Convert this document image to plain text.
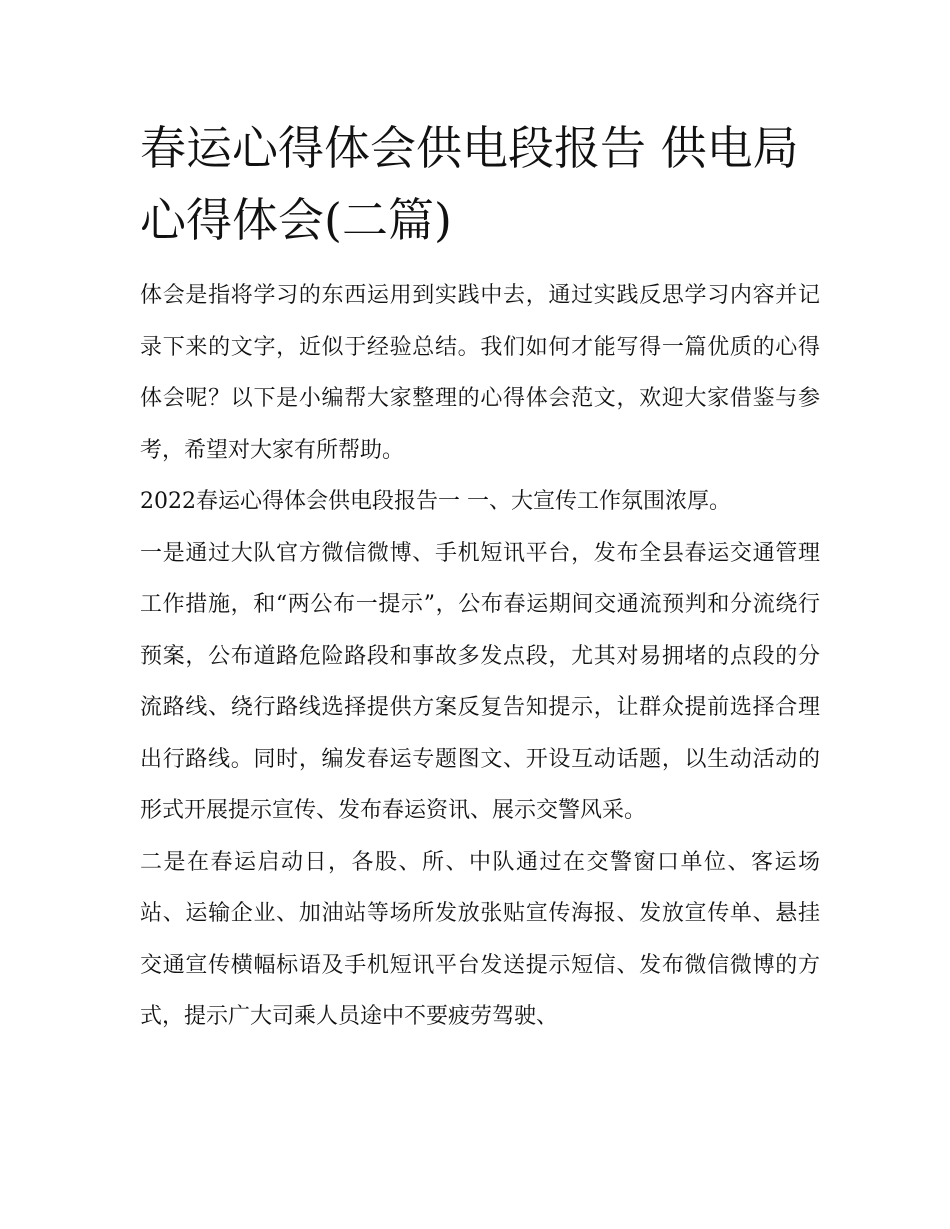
春运心得体会供电段报告 供电局心得体会(二篇)

体会是指将学习的东西运用到实践中去，通过实践反思学习内容并记录下来的文字，近似于经验总结。我们如何才能写得一篇优质的心得体会呢？以下是小编帮大家整理的心得体会范文，欢迎大家借鉴与参考，希望对大家有所帮助。

2022春运心得体会供电段报告一 一、大宣传工作氛围浓厚。

一是通过大队官方微信微博、手机短讯平台，发布全县春运交通管理工作措施，和“两公布一提示”，公布春运期间交通流预判和分流绕行预案，公布道路危险路段和事故多发点段，尤其对易拥堵的点段的分流路线、绕行路线选择提供方案反复告知提示，让群众提前选择合理出行路线。同时，编发春运专题图文、开设互动话题，以生动活动的形式开展提示宣传、发布春运资讯、展示交警风采。

二是在春运启动日，各股、所、中队通过在交警窗口单位、客运场站、运输企业、加油站等场所发放张贴宣传海报、发放宣传单、悬挂交通宣传横幅标语及手机短讯平台发送提示短信、发布微信微博的方式，提示广大司乘人员途中不要疲劳驾驶、
